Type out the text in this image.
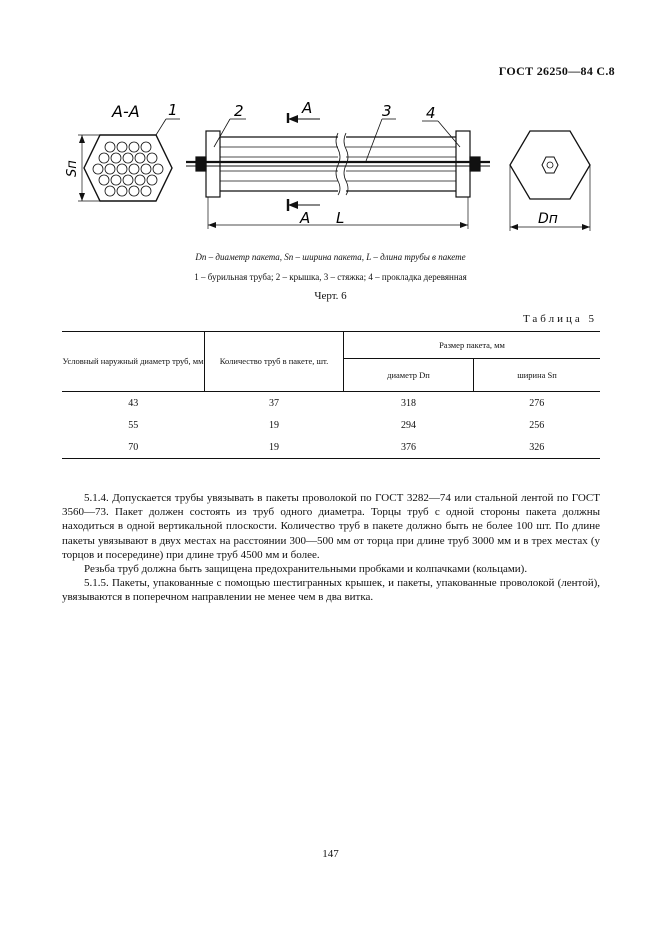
ГОСТ 26250—84 С.8
А-А 1
Sп
2	3 4
А
А L	Dп
Dп – диаметр пакета, Sп – ширина пакета, L – длина трубы в пакете
1 – бурильная труба; 2 – крышка, 3 – стяжка; 4 – прокладка деревянная
Черт. 6
Таблица 5
Условный наружный диаметр труб, мм	Количество труб в пакете, шт.	Размер пакета, мм	
		диаметр Dп	ширина Sп
43	37	318	276
55	19	294	256
70	19	376	326

5.1.4. Допускается трубы увязывать в пакеты проволокой по ГОСТ 3282—74 или стальной лентой по ГОСТ 3560—73. Пакет должен состоять из труб одного диаметра. Торцы труб с одной стороны пакета должны находиться в одной вертикальной плоскости. Количество труб в пакете должно быть не более 100 шт. По длине пакеты увязывают в двух местах на расстоянии 300—500 мм от торца при длине труб 3000 мм и в трех местах (у торцов и посередине) при длине труб 4500 мм и более.

Резьба труб должна быть защищена предохранительными пробками и колпачками (кольцами).

5.1.5. Пакеты, упакованные с помощью шестигранных крышек, и пакеты, упакованные проволокой (лентой), увязываются в поперечном направлении не менее чем в два витка.

147
